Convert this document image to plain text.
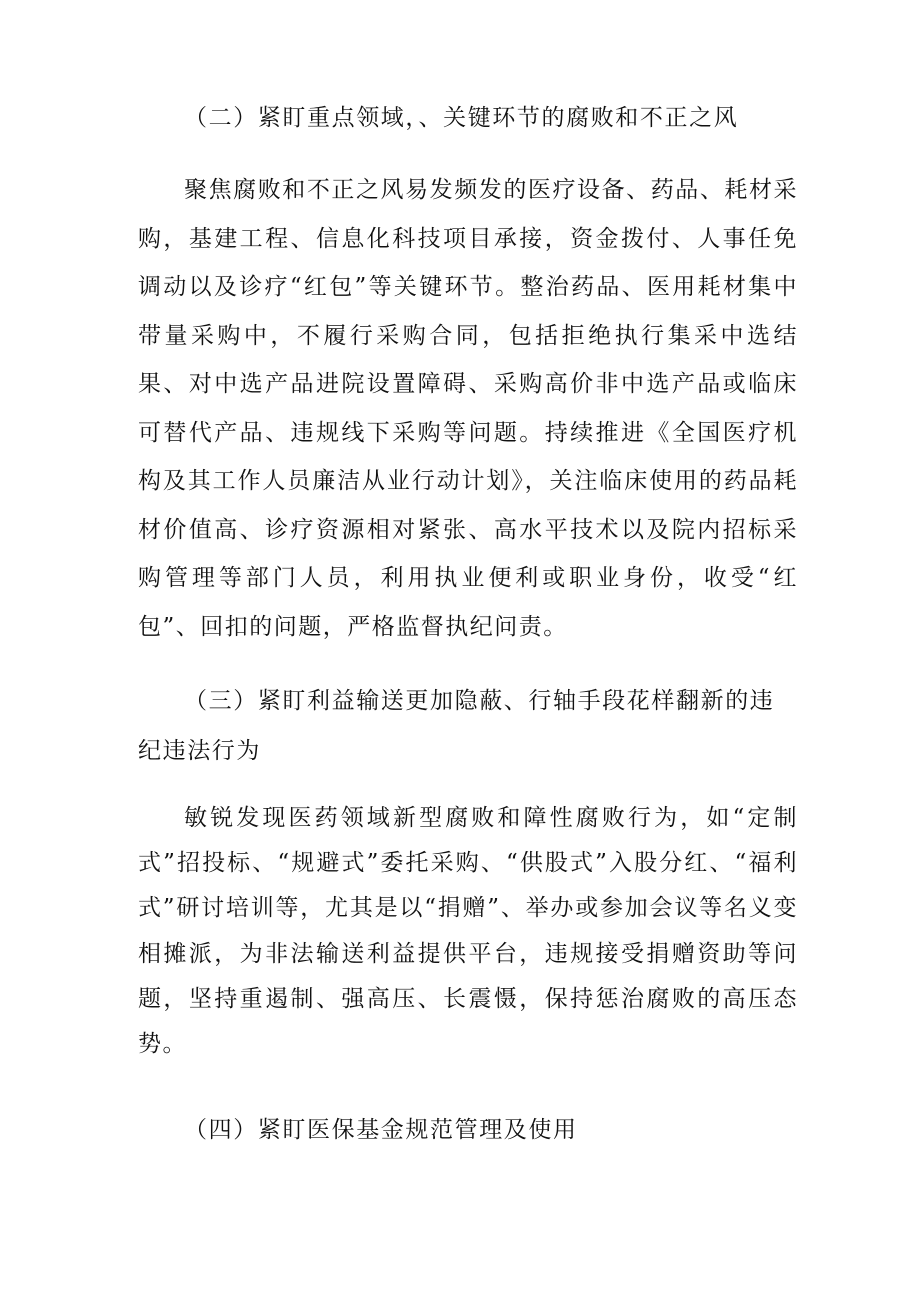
（二）紧盯重点领域，、关键环节的腐败和不正之风

聚焦腐败和不正之风易发频发的医疗设备、药品、耗材采购，基建工程、信息化科技项目承接，资金拨付、人事任免调动以及诊疗“红包”等关键环节。整治药品、医用耗材集中带量采购中，不履行采购合同，包括拒绝执行集采中选结果、对中选产品进院设置障碍、采购高价非中选产品或临床可替代产品、违规线下采购等问题。持续推进《全国医疗机构及其工作人员廉洁从业行动计划》，关注临床使用的药品耗材价值高、诊疗资源相对紧张、高水平技术以及院内招标采购管理等部门人员，利用执业便利或职业身份，收受“红包”、回扣的问题，严格监督执纪问责。

（三）紧盯利益输送更加隐蔽、行轴手段花样翻新的违纪违法行为

敏锐发现医药领域新型腐败和障性腐败行为，如“定制式”招投标、“规避式”委托采购、“供股式”入股分红、“福利式”研讨培训等，尤其是以“捐赠”、举办或参加会议等名义变相摊派，为非法输送利益提供平台，违规接受捐赠资助等问题，坚持重遏制、强高压、长震慑，保持惩治腐败的高压态势。

（四）紧盯医保基金规范管理及使用
